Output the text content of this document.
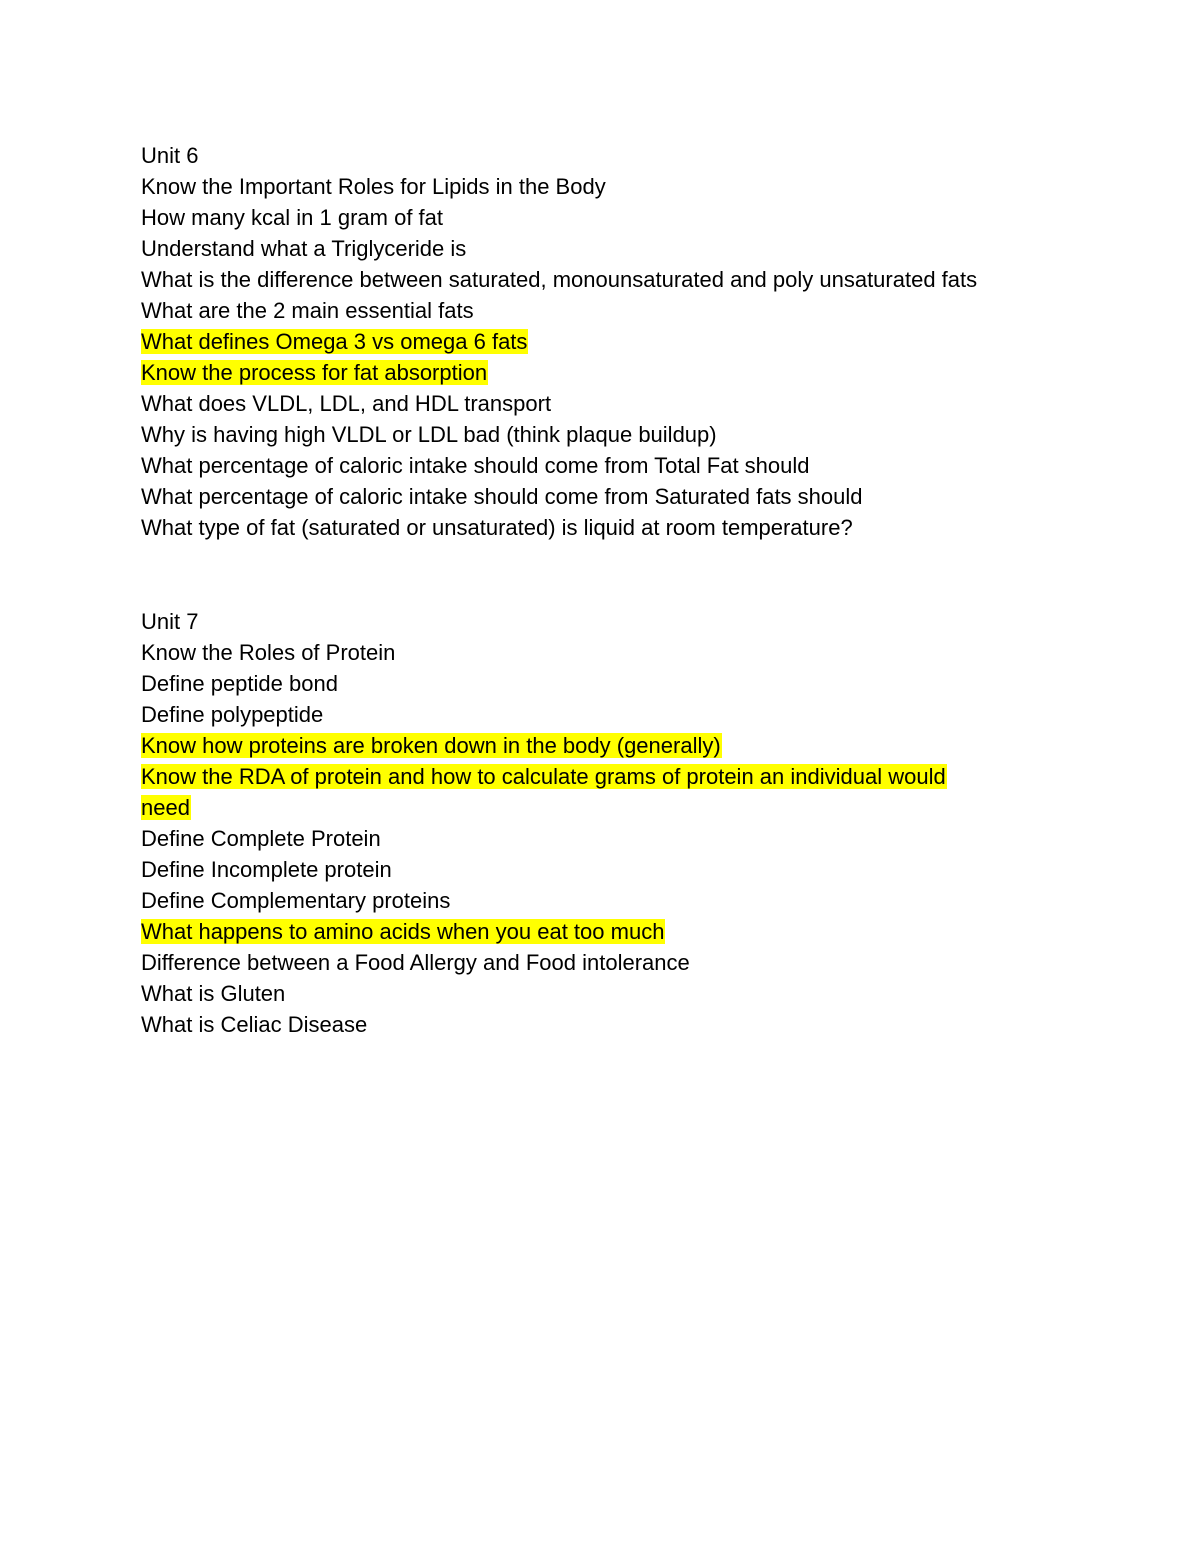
Unit 6
Know the Important Roles for Lipids in the Body
How many kcal in 1 gram of fat
Understand what a Triglyceride is
What is the difference between saturated, monounsaturated and poly unsaturated fats
What are the 2 main essential fats
What defines Omega 3 vs omega 6 fats
Know the process for fat absorption
What does VLDL, LDL, and HDL transport
Why is having high VLDL or LDL bad (think plaque buildup)
What percentage of caloric intake should come from Total Fat should
What percentage of caloric intake should come from Saturated fats should
What type of fat (saturated or unsaturated) is liquid at room temperature?
Unit 7
Know the Roles of Protein
Define peptide bond
Define polypeptide
Know how proteins are broken down in the body (generally)
Know the RDA of protein and how to calculate grams of protein an individual would
need
Define Complete Protein
Define Incomplete protein
Define Complementary proteins
What happens to amino acids when you eat too much
Difference between a Food Allergy and Food intolerance
What is Gluten
What is Celiac Disease
